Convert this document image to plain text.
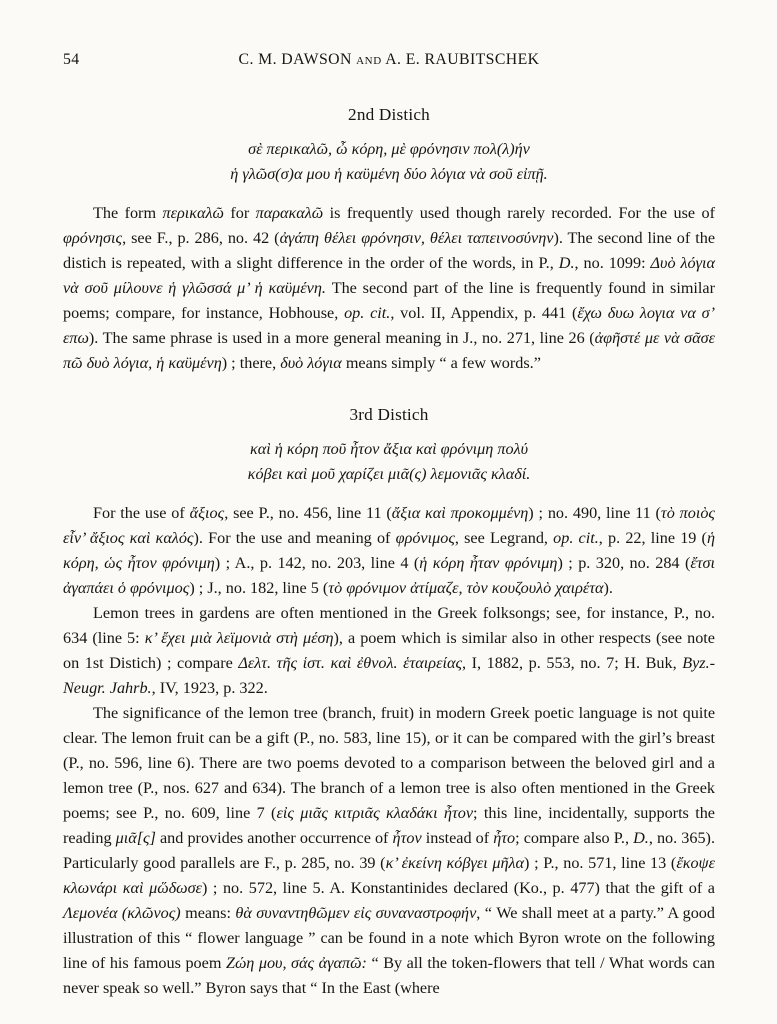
54	C. M. DAWSON and A. E. RAUBITSCHEK
2nd Distich
σὲ περικαλῶ, ὦ κόρη, μὲ φρόνησιν πολ(λ)ήν
ἡ γλῶσ(σ)α μου ἡ καϋμένη δύο λόγια νὰ σοῦ εἰπῇ.

The form περικαλῶ for παρακαλῶ is frequently used though rarely recorded. For the use of φρόνησις, see F., p. 286, no. 42 (ἀγάπη θέλει φρόνησιν, θέλει ταπεινοσύνην). The second line of the distich is repeated, with a slight difference in the order of the words, in P., D., no. 1099: Δυὸ λόγια νὰ σοῦ μίλουνε ἡ γλῶσσά μ’ ἡ καϋμένη. The second part of the line is frequently found in similar poems; compare, for instance, Hobhouse, op. cit., vol. II, Appendix, p. 441 (ἔχω δυω λογια να σ’ επω). The same phrase is used in a more general meaning in J., no. 271, line 26 (ἀφῆστέ με νὰ σᾶσε πῶ δυὸ λόγια, ἡ καϋμένη) ; there, δυὸ λόγια means simply “ a few words.”

3rd Distich
καὶ ἡ κόρη ποῦ ἦτον ἄξια καὶ φρόνιμη πολύ
κόβει καὶ μοῦ χαρίζει μιᾶ(ς) λεμονιᾶς κλαδί.

For the use of ἄξιος, see P., no. 456, line 11 (ἄξια καὶ προκομμένη) ; no. 490, line 11 (τὸ ποιὸς εἶν’ ἄξιος καὶ καλός). For the use and meaning of φρόνιμος, see Legrand, op. cit., p. 22, line 19 (ἡ κόρη, ὡς ἦτον φρόνιμη) ; A., p. 142, no. 203, line 4 (ἡ κόρη ἦταν φρόνιμη) ; p. 320, no. 284 (ἔτσι ἀγαπάει ὁ φρόνιμος) ; J., no. 182, line 5 (τὸ φρόνιμον ἀτίμαζε, τὸν κουζουλὸ χαιρέτα).

Lemon trees in gardens are often mentioned in the Greek folksongs; see, for instance, P., no. 634 (line 5: κ’ ἔχει μιὰ λεϊμονιὰ στὴ μέση), a poem which is similar also in other respects (see note on 1st Distich) ; compare Δελτ. τῆς ἱστ. καὶ ἐθνολ. ἑταιρείας, I, 1882, p. 553, no. 7; H. Buk, Byz.-Neugr. Jahrb., IV, 1923, p. 322.

The significance of the lemon tree (branch, fruit) in modern Greek poetic language is not quite clear. The lemon fruit can be a gift (P., no. 583, line 15), or it can be compared with the girl’s breast (P., no. 596, line 6). There are two poems devoted to a comparison between the beloved girl and a lemon tree (P., nos. 627 and 634). The branch of a lemon tree is also often mentioned in the Greek poems; see P., no. 609, line 7 (εἰς μιᾶς κιτριᾶς κλαδάκι ἦτον; this line, incidentally, supports the reading μιᾶ[ς] and provides another occurrence of ἦτον instead of ἦτο; compare also P., D., no. 365). Particularly good parallels are F., p. 285, no. 39 (κ’ ἐκείνη κόβγει μῆλα) ; P., no. 571, line 13 (ἔκοψε κλωνάρι καὶ μὥδωσε) ; no. 572, line 5. A. Konstantinides declared (Ko., p. 477) that the gift of a Λεμονέα (κλῶνος) means: θὰ συναντηθῶμεν εἰς συναναστροφήν, “ We shall meet at a party.” A good illustration of this “ flower language ” can be found in a note which Byron wrote on the following line of his famous poem Ζώη μου, σάς ἀγαπῶ: “ By all the token-flowers that tell / What words can never speak so well.” Byron says that “ In the East (where
